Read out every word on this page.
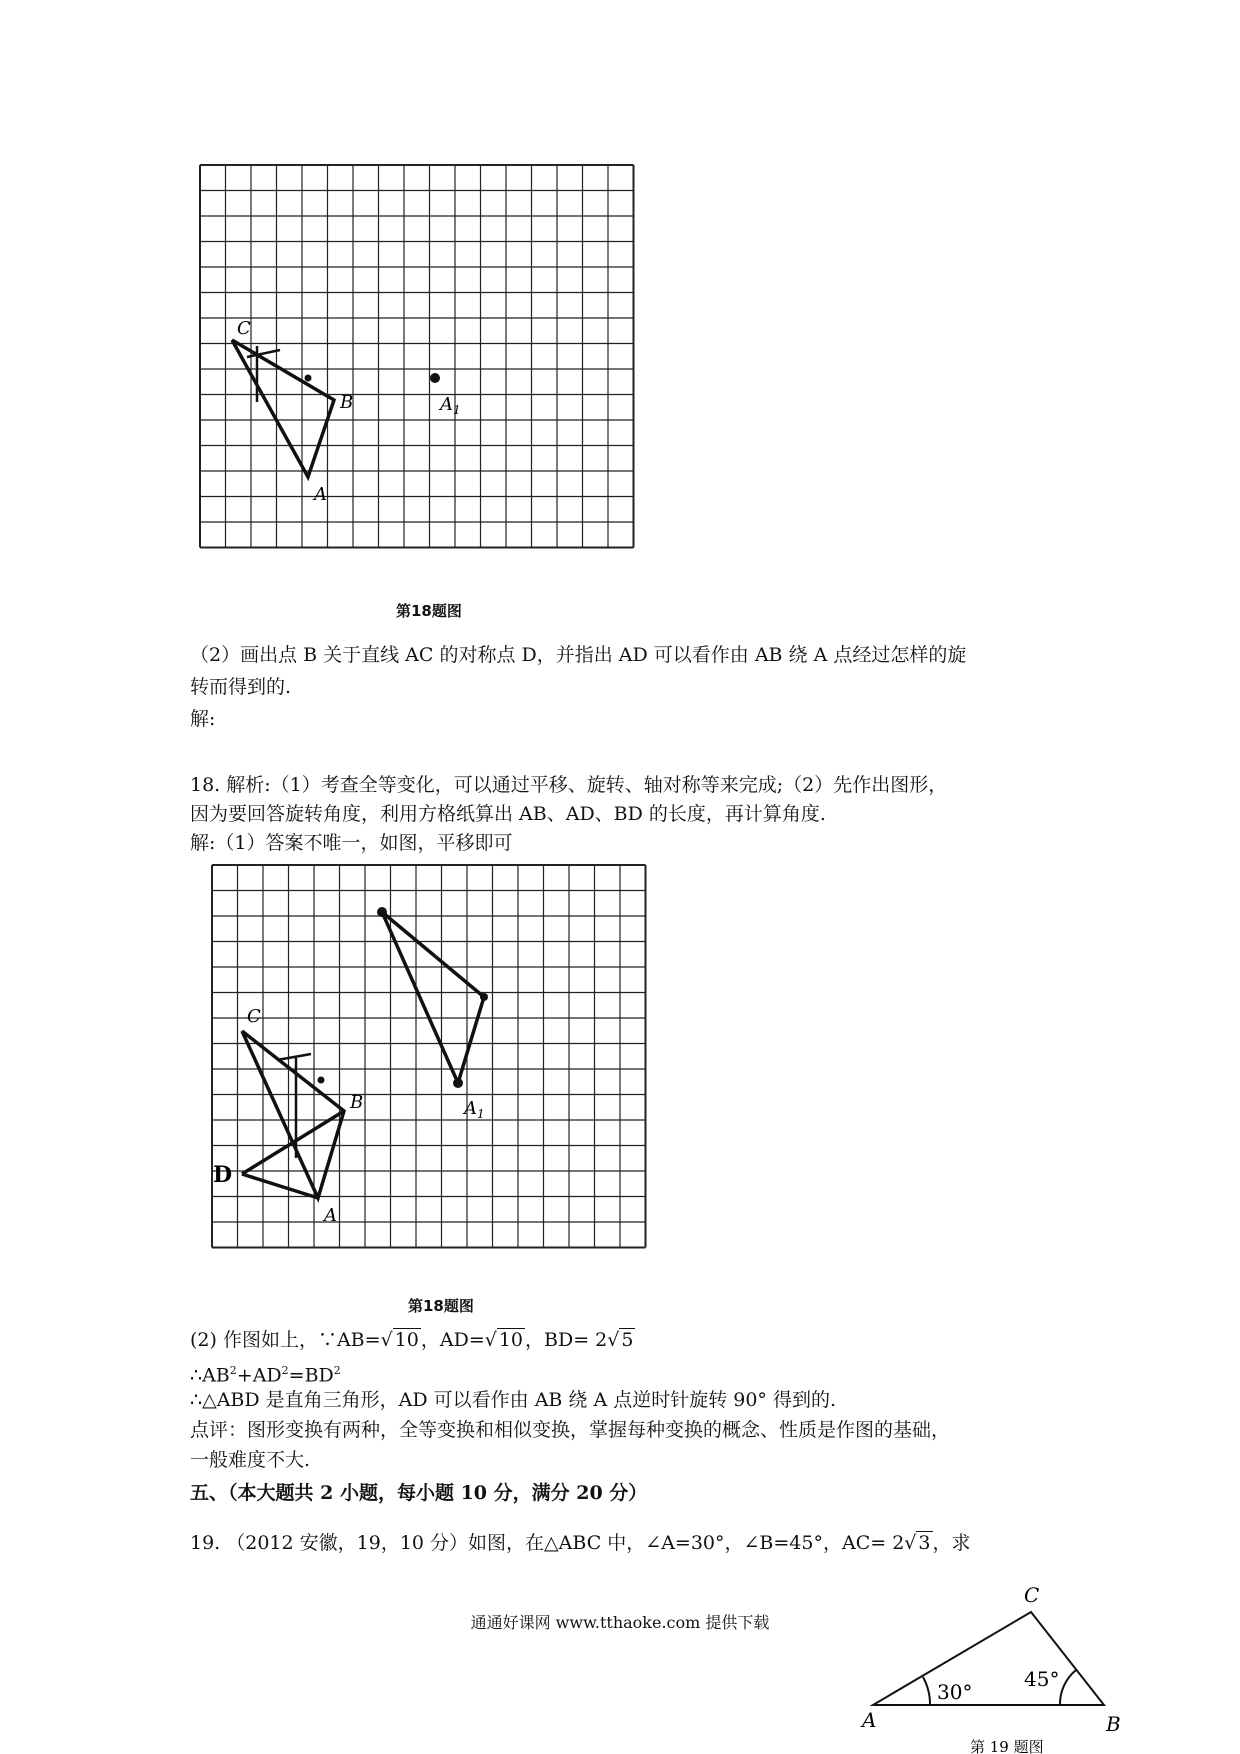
C
B
A
$A_1$
第18题图
（2）画出点 B 关于直线 AC 的对称点 D，并指出 AD 可以看作由 AB 绕 A 点经过怎样的旋
转而得到的.
解:
18. 解析:（1）考查全等变化，可以通过平移、旋转、轴对称等来完成;（2）先作出图形，
因为要回答旋转角度，利用方格纸算出 AB、AD、BD 的长度，再计算角度.
解:（1）答案不唯一，如图，平移即可
C
B
A
D
$A_1$
第18题图
(2) 作图如上，∵AB=√ 10 ，AD=√ 10 ，BD= 2√ 5
$\therefore AB^2+AD^2=BD^2$
∴△ABD 是直角三角形，AD 可以看作由 AB 绕 A 点逆时针旋转 90° 得到的.
点评：图形变换有两种，全等变换和相似变换，掌握每种变换的概念、性质是作图的基础，
一般难度不大.
五、（本大题共 2 小题，每小题 10 分，满分 20 分）
19. （2012 安徽，19，10 分）如图，在△ABC 中，∠A=30°，∠B=45°，AC= 2√ 3 ，求
通通好课网 www.tthaoke.com 提供下载
C
A	B
30°
45°
第 19 题图
